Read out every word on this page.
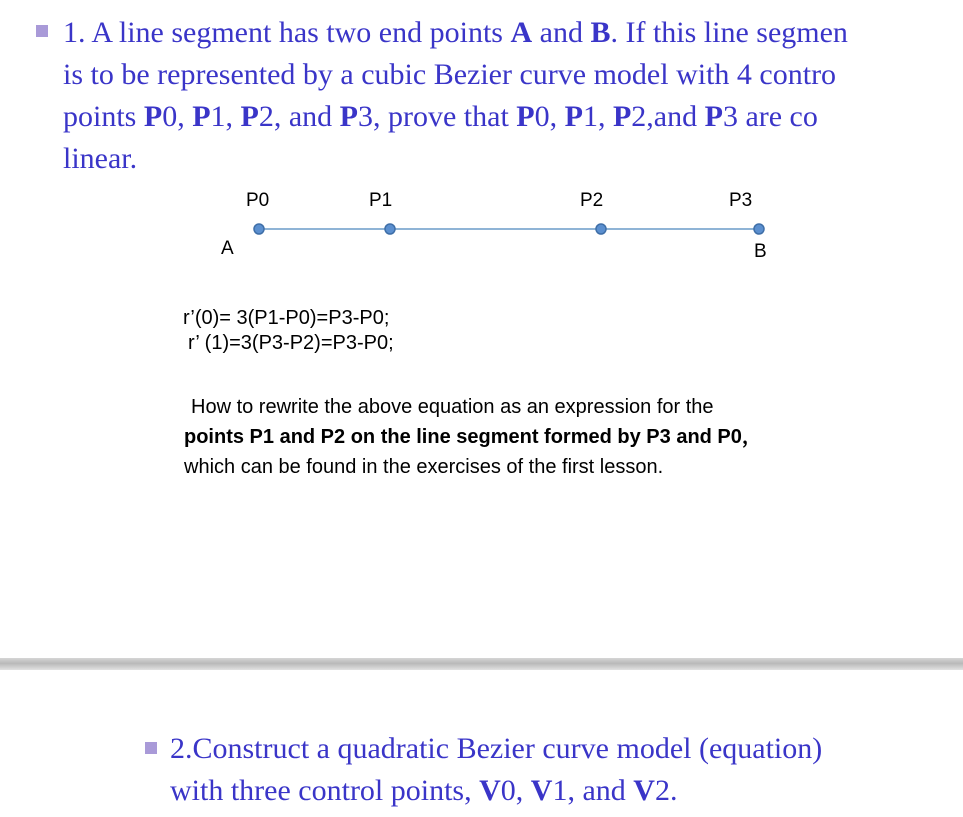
1. A line segment has two end points A and B. If this line segmen
is to be represented by a cubic Bezier curve model with 4 contro
points P0, P1, P2, and P3, prove that P0, P1, P2,and P3 are co
linear.
P0	P1	P2	P3
A	B
r’(0)= 3(P1-P0)=P3-P0;
r’ (1)=3(P3-P2)=P3-P0;
How to rewrite the above equation as an expression for the
points P1 and P2 on the line segment formed by P3 and P0，
which can be found in the exercises of the first lesson.
2.Construct a quadratic Bezier curve model (equation)
with three control points, V0, V1, and V2.
